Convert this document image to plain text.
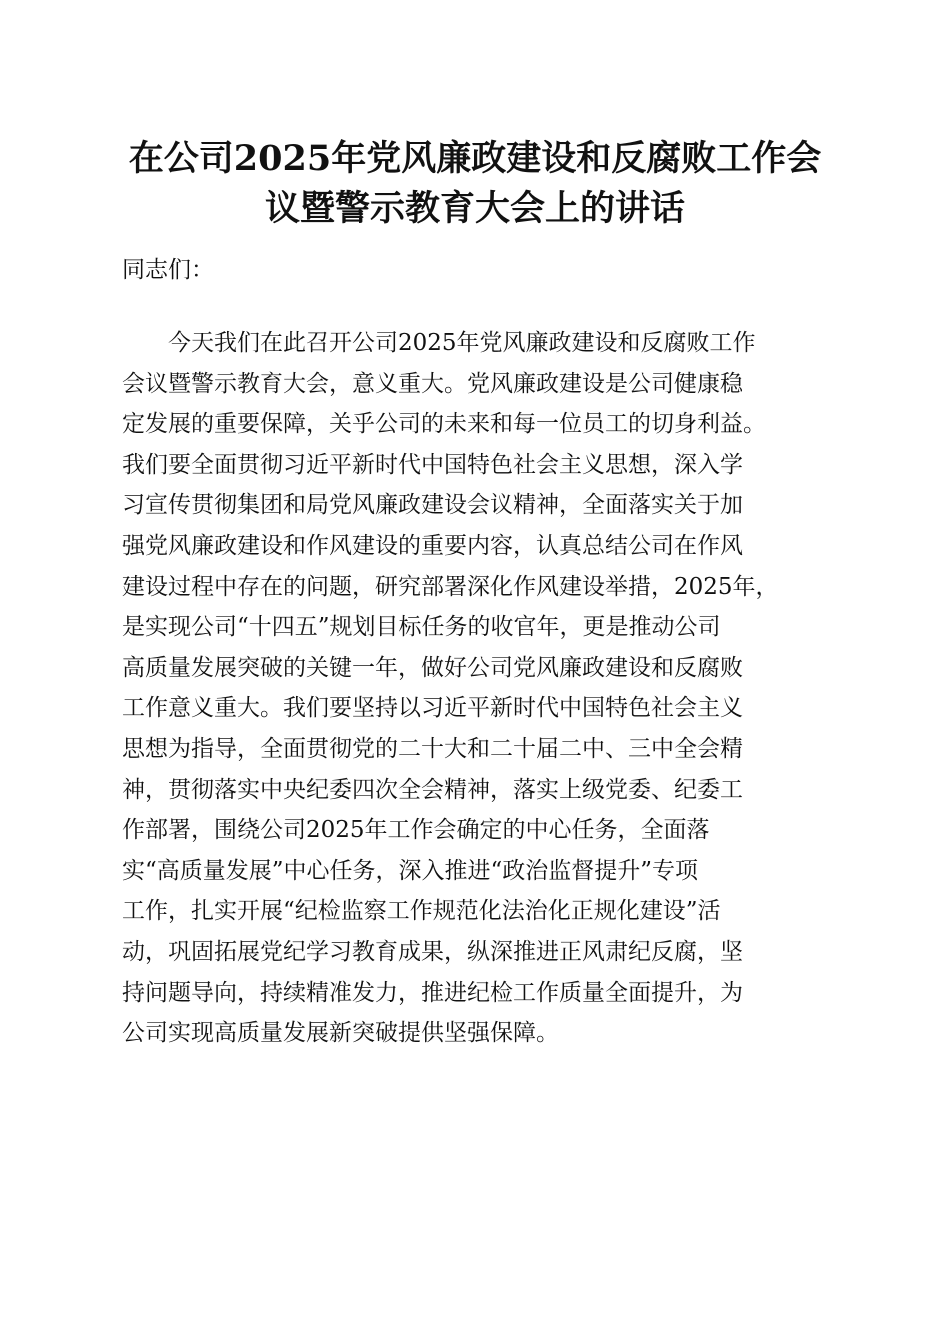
在公司2025年党风廉政建设和反腐败工作会
议暨警示教育大会上的讲话

同志们：

　　今天我们在此召开公司2025年党风廉政建设和反腐败工作
会议暨警示教育大会，意义重大。党风廉政建设是公司健康稳
定发展的重要保障，关乎公司的未来和每一位员工的切身利益。
我们要全面贯彻习近平新时代中国特色社会主义思想，深入学
习宣传贯彻集团和局党风廉政建设会议精神，全面落实关于加
强党风廉政建设和作风建设的重要内容，认真总结公司在作风
建设过程中存在的问题，研究部署深化作风建设举措，2025年，
是实现公司“十四五”规划目标任务的收官年，更是推动公司
高质量发展突破的关键一年，做好公司党风廉政建设和反腐败
工作意义重大。我们要坚持以习近平新时代中国特色社会主义
思想为指导，全面贯彻党的二十大和二十届二中、三中全会精
神，贯彻落实中央纪委四次全会精神，落实上级党委、纪委工
作部署，围绕公司2025年工作会确定的中心任务，全面落
实“高质量发展”中心任务，深入推进“政治监督提升”专项
工作，扎实开展“纪检监察工作规范化法治化正规化建设”活
动，巩固拓展党纪学习教育成果，纵深推进正风肃纪反腐，坚
持问题导向，持续精准发力，推进纪检工作质量全面提升，为
公司实现高质量发展新突破提供坚强保障。
